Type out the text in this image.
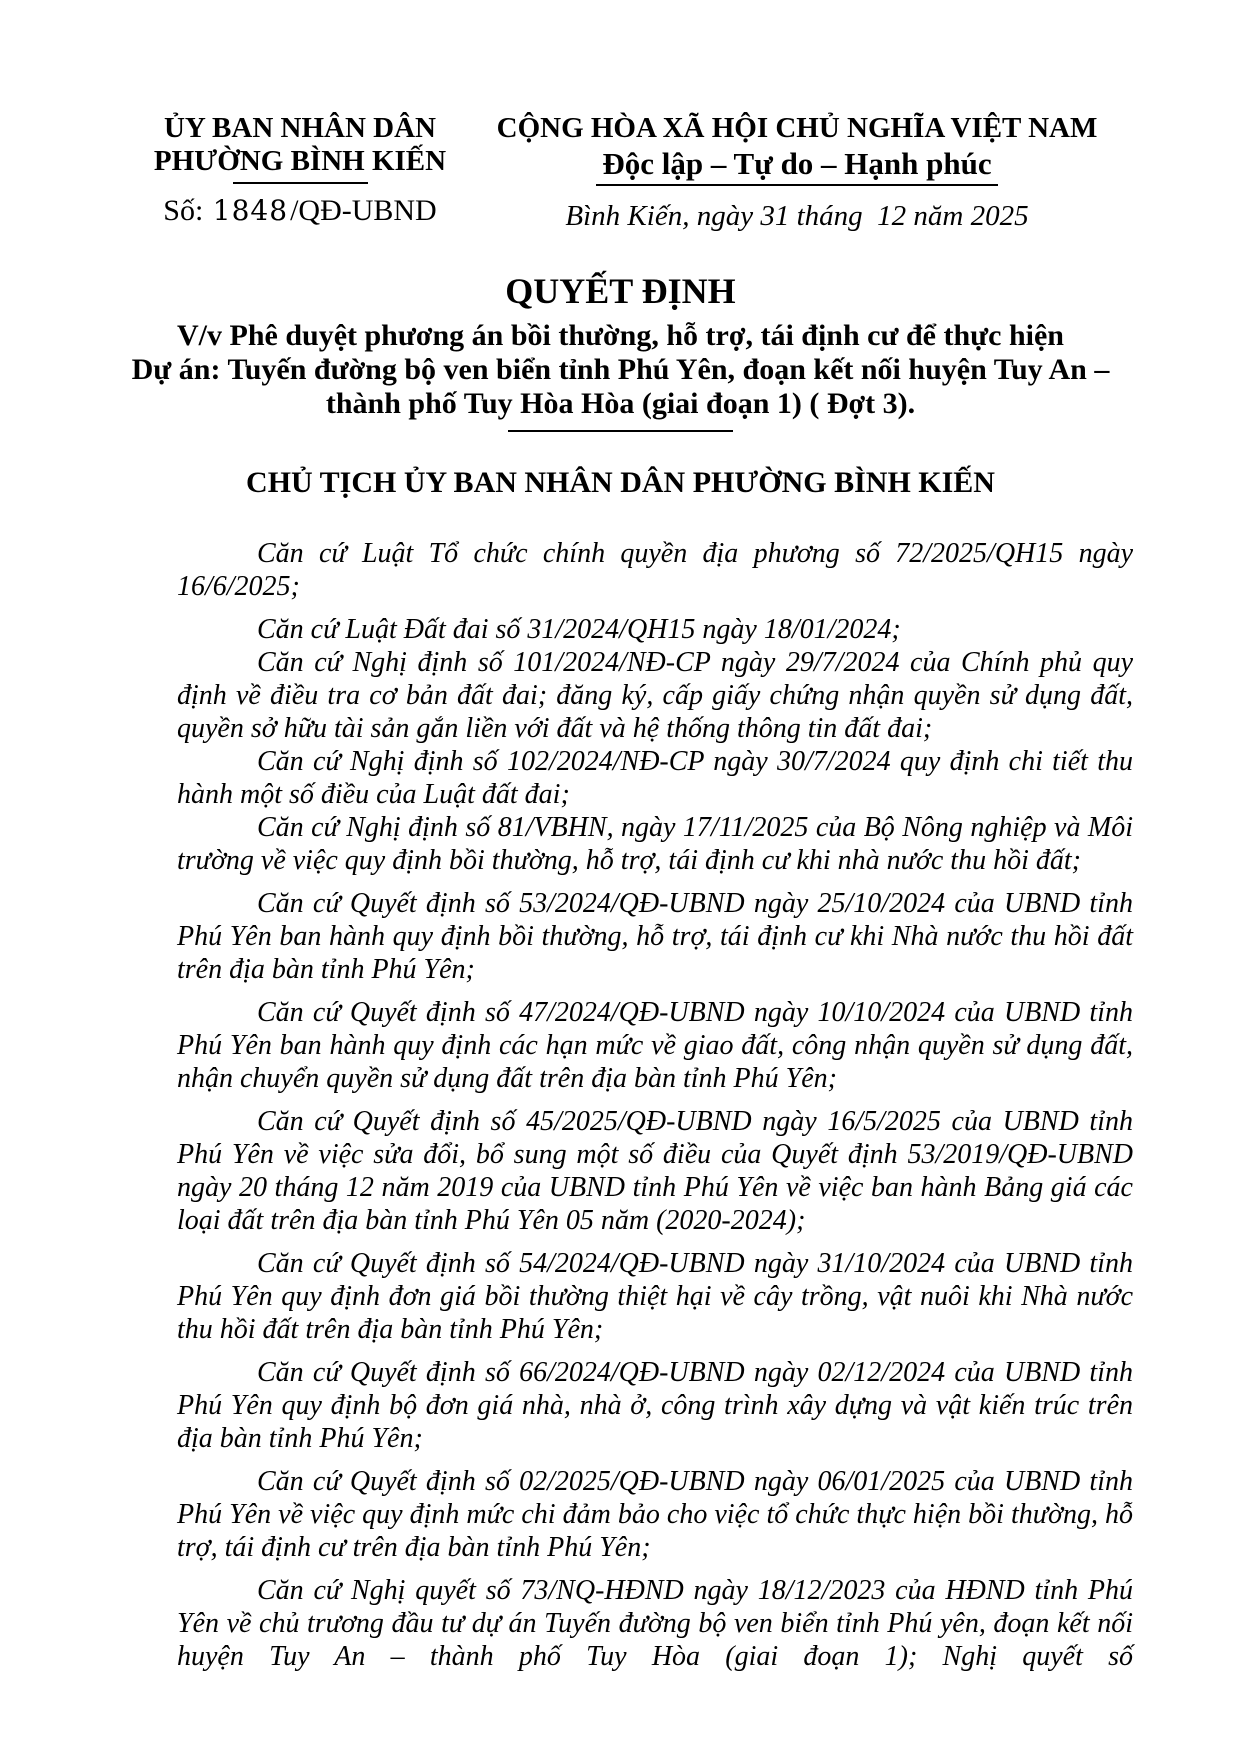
ỦY BAN NHÂN DÂN
PHƯỜNG BÌNH KIẾN
Số: 1848/QĐ-UBND
CỘNG HÒA XÃ HỘI CHỦ NGHĨA VIỆT NAM
Độc lập – Tự do – Hạnh phúc
Bình Kiến, ngày 31 tháng  12 năm 2025
QUYẾT ĐỊNH
V/v Phê duyệt phương án bồi thường, hỗ trợ, tái định cư để thực hiện
Dự án: Tuyến đường bộ ven biển tỉnh Phú Yên, đoạn kết nối huyện Tuy An –
thành phố Tuy Hòa Hòa (giai đoạn 1) ( Đợt 3).
CHỦ TỊCH ỦY BAN NHÂN DÂN PHƯỜNG BÌNH KIẾN

Căn cứ Luật Tổ chức chính quyền địa phương số 72/2025/QH15 ngày 16/6/2025;

Căn cứ Luật Đất đai số 31/2024/QH15 ngày 18/01/2024;

Căn cứ Nghị định số 101/2024/NĐ-CP ngày 29/7/2024 của Chính phủ quy định về điều tra cơ bản đất đai; đăng ký, cấp giấy chứng nhận quyền sử dụng đất, quyền sở hữu tài sản gắn liền với đất và hệ thống thông tin đất đai;

Căn cứ Nghị định số 102/2024/NĐ-CP ngày 30/7/2024 quy định chi tiết thu hành một số điều của Luật đất đai;

Căn cứ Nghị định số 81/VBHN, ngày 17/11/2025 của Bộ Nông nghiệp và Môi trường về việc quy định bồi thường, hỗ trợ, tái định cư khi nhà nước thu hồi đất;

Căn cứ Quyết định số 53/2024/QĐ-UBND ngày 25/10/2024 của UBND tỉnh Phú Yên ban hành quy định bồi thường, hỗ trợ, tái định cư khi Nhà nước thu hồi đất trên địa bàn tỉnh Phú Yên;

Căn cứ Quyết định số 47/2024/QĐ-UBND ngày 10/10/2024 của UBND tỉnh Phú Yên ban hành quy định các hạn mức về giao đất, công nhận quyền sử dụng đất, nhận chuyển quyền sử dụng đất trên địa bàn tỉnh Phú Yên;

Căn cứ Quyết định số 45/2025/QĐ-UBND ngày 16/5/2025 của UBND tỉnh Phú Yên về việc sửa đổi, bổ sung một số điều của Quyết định 53/2019/QĐ-UBND ngày 20 tháng 12 năm 2019 của UBND tỉnh Phú Yên về việc ban hành Bảng giá các loại đất trên địa bàn tỉnh Phú Yên 05 năm (2020-2024);

Căn cứ Quyết định số 54/2024/QĐ-UBND ngày 31/10/2024 của UBND tỉnh Phú Yên quy định đơn giá bồi thường thiệt hại về cây trồng, vật nuôi khi Nhà nước thu hồi đất trên địa bàn tỉnh Phú Yên;

Căn cứ Quyết định số 66/2024/QĐ-UBND ngày 02/12/2024 của UBND tỉnh Phú Yên quy định bộ đơn giá nhà, nhà ở, công trình xây dựng và vật kiến trúc trên địa bàn tỉnh Phú Yên;

Căn cứ Quyết định số 02/2025/QĐ-UBND ngày 06/01/2025 của UBND tỉnh Phú Yên về việc quy định mức chi đảm bảo cho việc tổ chức thực hiện bồi thường, hỗ trợ, tái định cư trên địa bàn tỉnh Phú Yên;

Căn cứ Nghị quyết số 73/NQ-HĐND ngày 18/12/2023 của HĐND tỉnh Phú Yên về chủ trương đầu tư dự án Tuyến đường bộ ven biển tỉnh Phú yên, đoạn kết nối huyện Tuy An – thành phố Tuy Hòa (giai đoạn 1); Nghị quyết số
